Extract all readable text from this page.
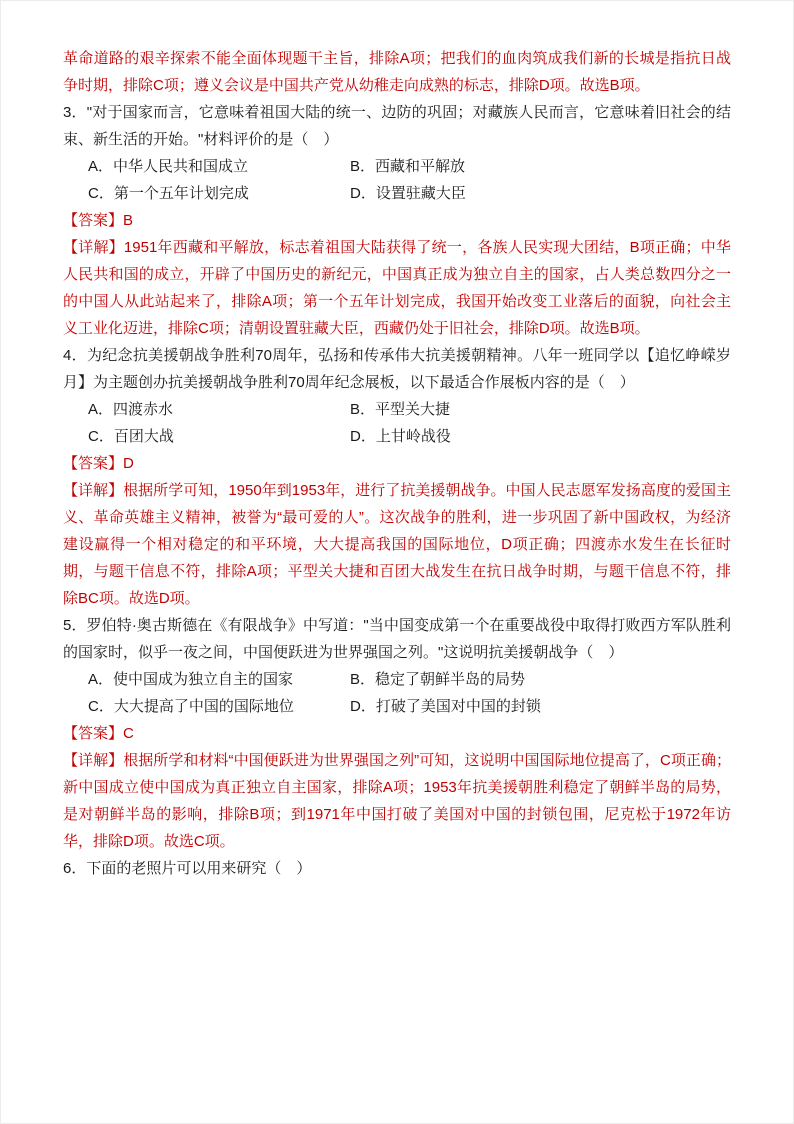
革命道路的艰辛探索不能全面体现题干主旨，排除A项；把我们的血肉筑成我们新的长城是指抗日战争时期，排除C项；遵义会议是中国共产党从幼稚走向成熟的标志，排除D项。故选B项。

3．"对于国家而言，它意味着祖国大陆的统一、边防的巩固；对藏族人民而言，它意味着旧社会的结束、新生活的开始。"材料评价的是（　）

A．中华人民共和国成立	B．西藏和平解放
C．第一个五年计划完成	D．设置驻藏大臣

【答案】B

【详解】1951年西藏和平解放，标志着祖国大陆获得了统一，各族人民实现大团结，B项正确；中华人民共和国的成立，开辟了中国历史的新纪元，中国真正成为独立自主的国家，占人类总数四分之一的中国人从此站起来了，排除A项；第一个五年计划完成，我国开始改变工业落后的面貌，向社会主义工业化迈进，排除C项；清朝设置驻藏大臣，西藏仍处于旧社会，排除D项。故选B项。

4．为纪念抗美援朝战争胜利70周年，弘扬和传承伟大抗美援朝精神。八年一班同学以【追忆峥嵘岁月】为主题创办抗美援朝战争胜利70周年纪念展板，以下最适合作展板内容的是（　）

A．四渡赤水	B．平型关大捷
C．百团大战	D．上甘岭战役

【答案】D

【详解】根据所学可知，1950年到1953年，进行了抗美援朝战争。中国人民志愿军发扬高度的爱国主义、革命英雄主义精神，被誉为“最可爱的人”。这次战争的胜利，进一步巩固了新中国政权，为经济建设赢得一个相对稳定的和平环境，大大提高我国的国际地位，D项正确；四渡赤水发生在长征时期，与题干信息不符，排除A项；平型关大捷和百团大战发生在抗日战争时期，与题干信息不符，排除BC项。故选D项。

5．罗伯特·奥古斯德在《有限战争》中写道："当中国变成第一个在重要战役中取得打败西方军队胜利的国家时，似乎一夜之间，中国便跃进为世界强国之列。"这说明抗美援朝战争（　）

A．使中国成为独立自主的国家	B．稳定了朝鲜半岛的局势
C．大大提高了中国的国际地位	D．打破了美国对中国的封锁

【答案】C

【详解】根据所学和材料“中国便跃进为世界强国之列”可知，这说明中国国际地位提高了，C项正确；新中国成立使中国成为真正独立自主国家，排除A项；1953年抗美援朝胜利稳定了朝鲜半岛的局势，是对朝鲜半岛的影响，排除B项；到1971年中国打破了美国对中国的封锁包围，尼克松于1972年访华，排除D项。故选C项。

6．下面的老照片可以用来研究（　）
